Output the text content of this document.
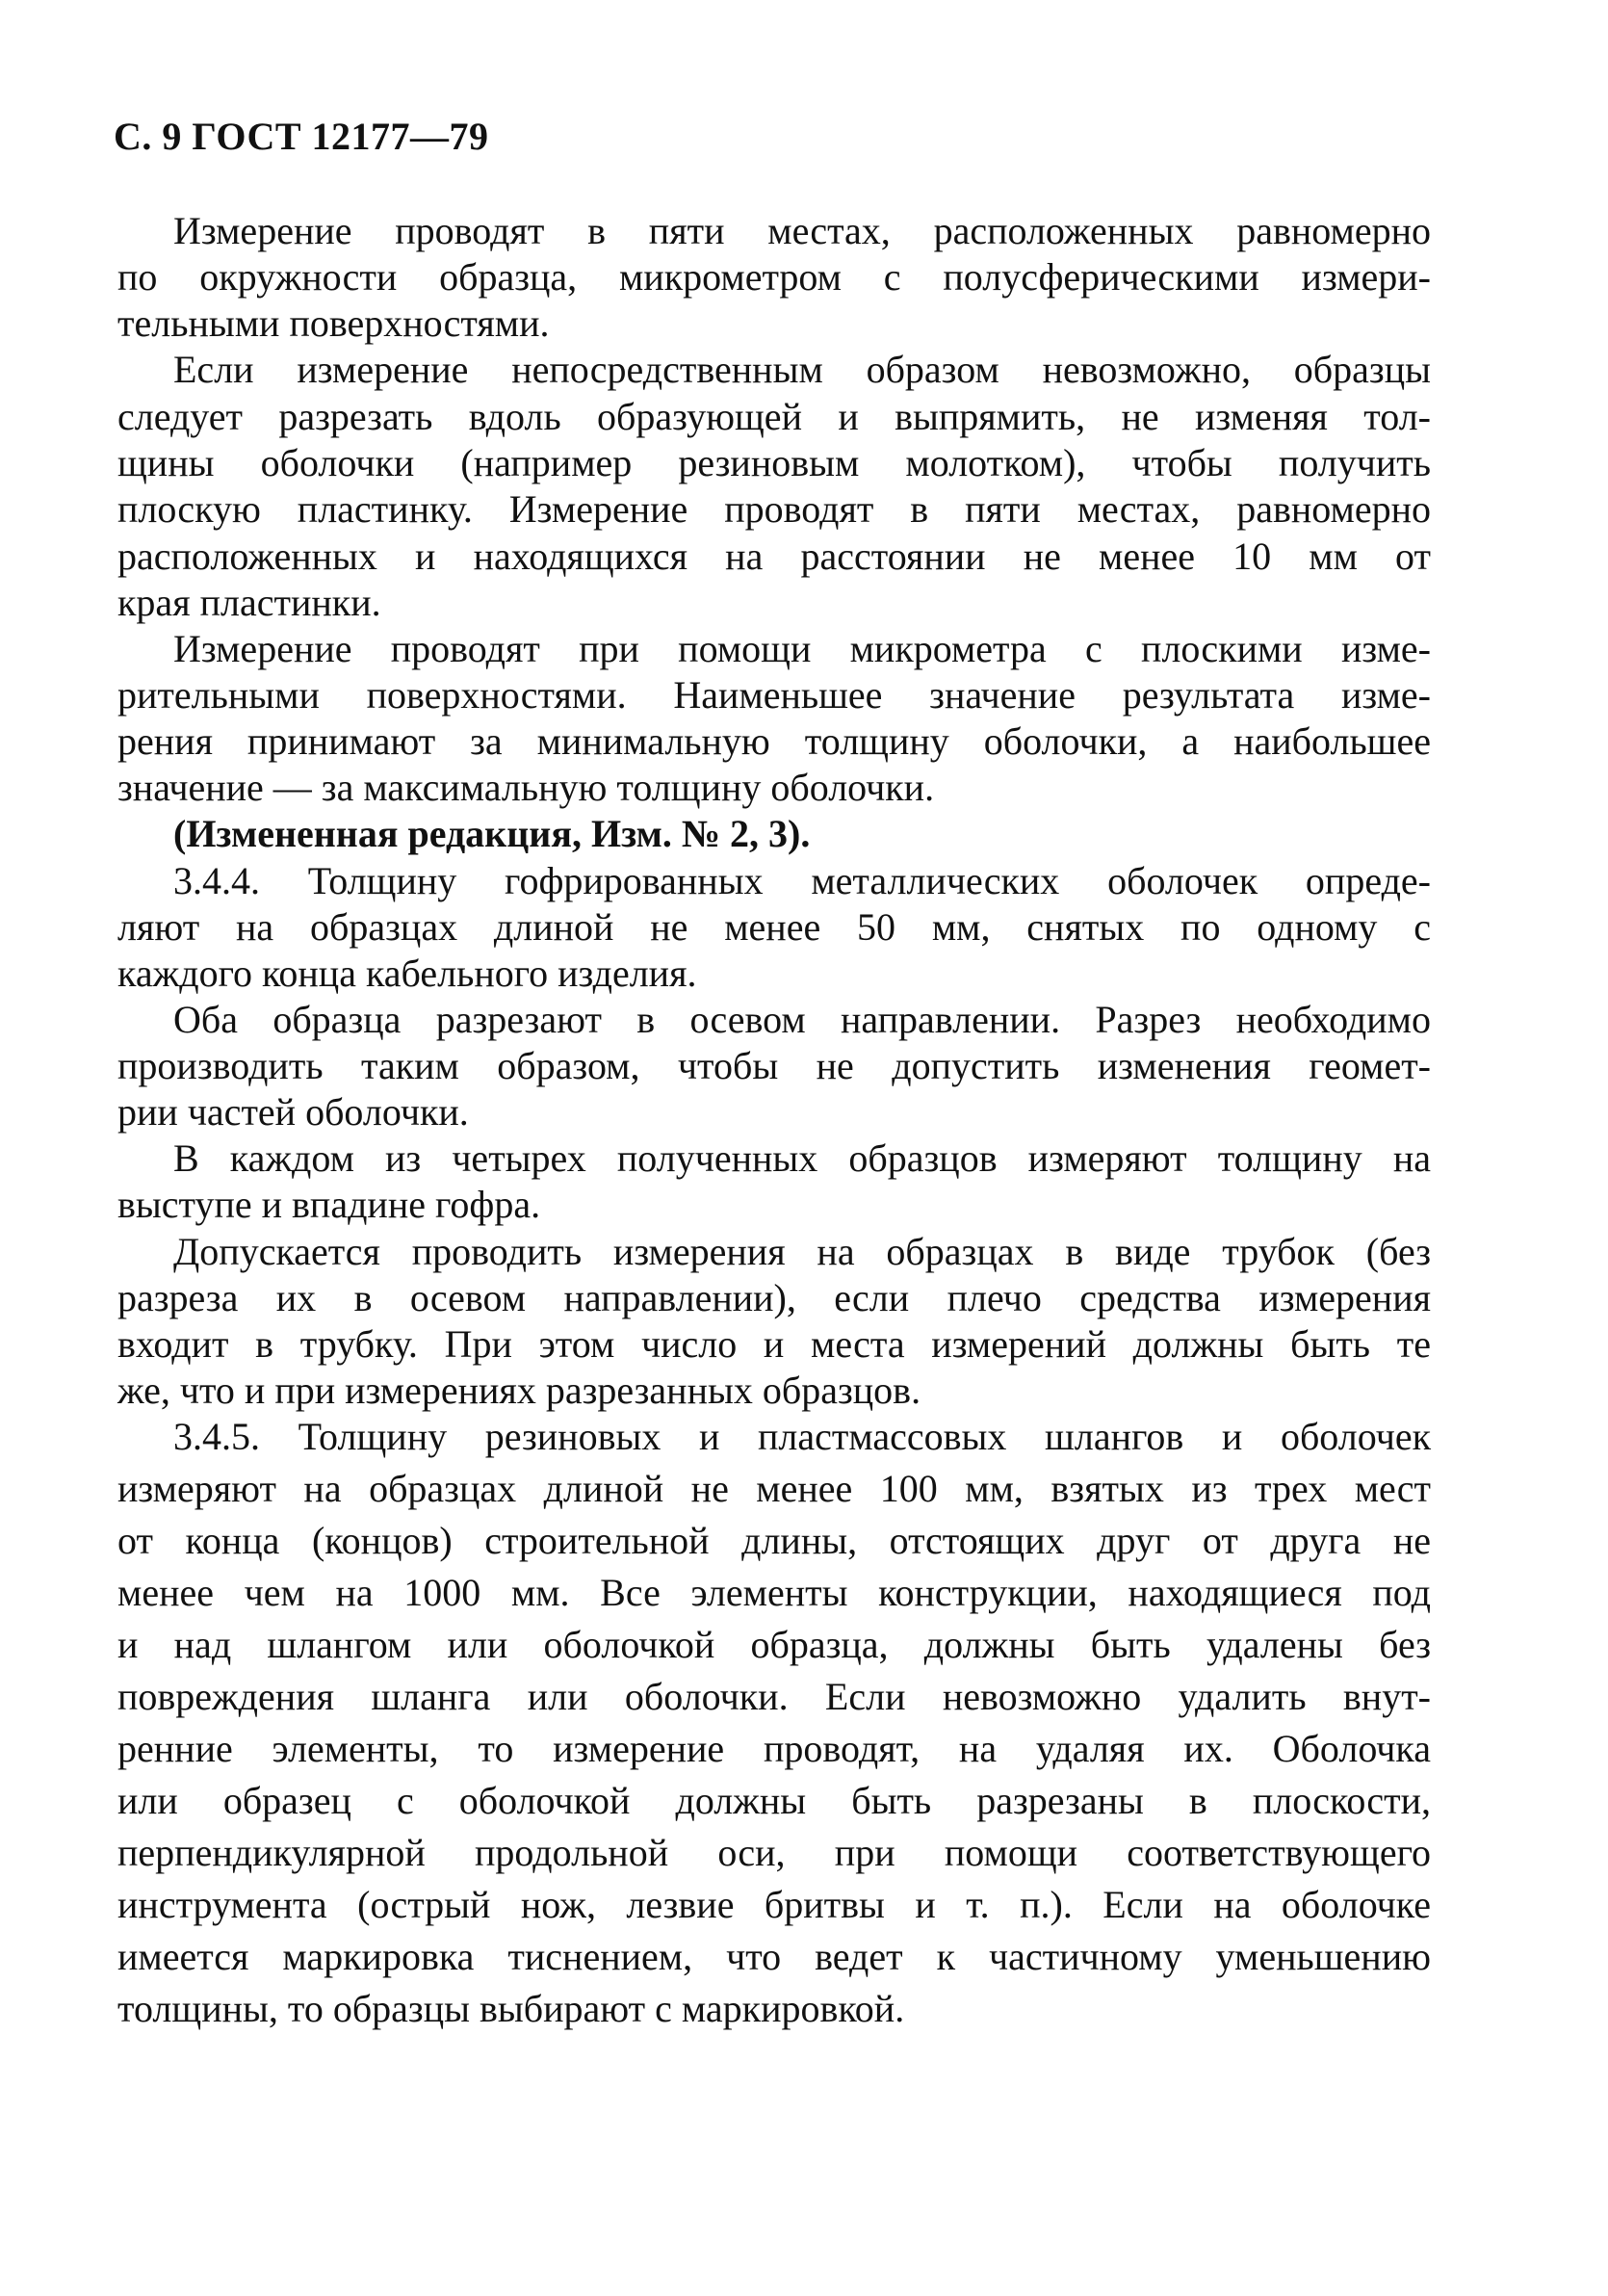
С. 9 ГОСТ 12177—79
Измерение проводят в пяти местах, расположенных равномерно
по окружности образца, микрометром с полусферическими измери-
тельными поверхностями.
Если измерение непосредственным образом невозможно, образцы
следует разрезать вдоль образующей и выпрямить, не изменяя тол-
щины оболочки (например резиновым молотком), чтобы получить
плоскую пластинку. Измерение проводят в пяти местах, равномерно
расположенных и находящихся на расстоянии не менее 10 мм от
края пластинки.
Измерение проводят при помощи микрометра с плоскими изме-
рительными поверхностями. Наименьшее значение результата изме-
рения принимают за минимальную толщину оболочки, а наибольшее
значение — за максимальную толщину оболочки.
(Измененная редакция, Изм. № 2, 3).
3.4.4. Толщину гофрированных металлических оболочек опреде-
ляют на образцах длиной не менее 50 мм, снятых по одному с
каждого конца кабельного изделия.
Оба образца разрезают в осевом направлении. Разрез необходимо
производить таким образом, чтобы не допустить изменения геомет-
рии частей оболочки.
В каждом из четырех полученных образцов измеряют толщину на
выступе и впадине гофра.
Допускается проводить измерения на образцах в виде трубок (без
разреза их в осевом направлении), если плечо средства измерения
входит в трубку. При этом число и места измерений должны быть те
же, что и при измерениях разрезанных образцов.
3.4.5. Толщину резиновых и пластмассовых шлангов и оболочек
измеряют на образцах длиной не менее 100 мм, взятых из трех мест
от конца (концов) строительной длины, отстоящих друг от друга не
менее чем на 1000 мм. Все элементы конструкции, находящиеся под
и над шлангом или оболочкой образца, должны быть удалены без
повреждения шланга или оболочки. Если невозможно удалить внут-
ренние элементы, то измерение проводят, на удаляя их. Оболочка
или образец с оболочкой должны быть разрезаны в плоскости,
перпендикулярной продольной оси, при помощи соответствующего
инструмента (острый нож, лезвие бритвы и т. п.). Если на оболочке
имеется маркировка тиснением, что ведет к частичному уменьшению
толщины, то образцы выбирают с маркировкой.
